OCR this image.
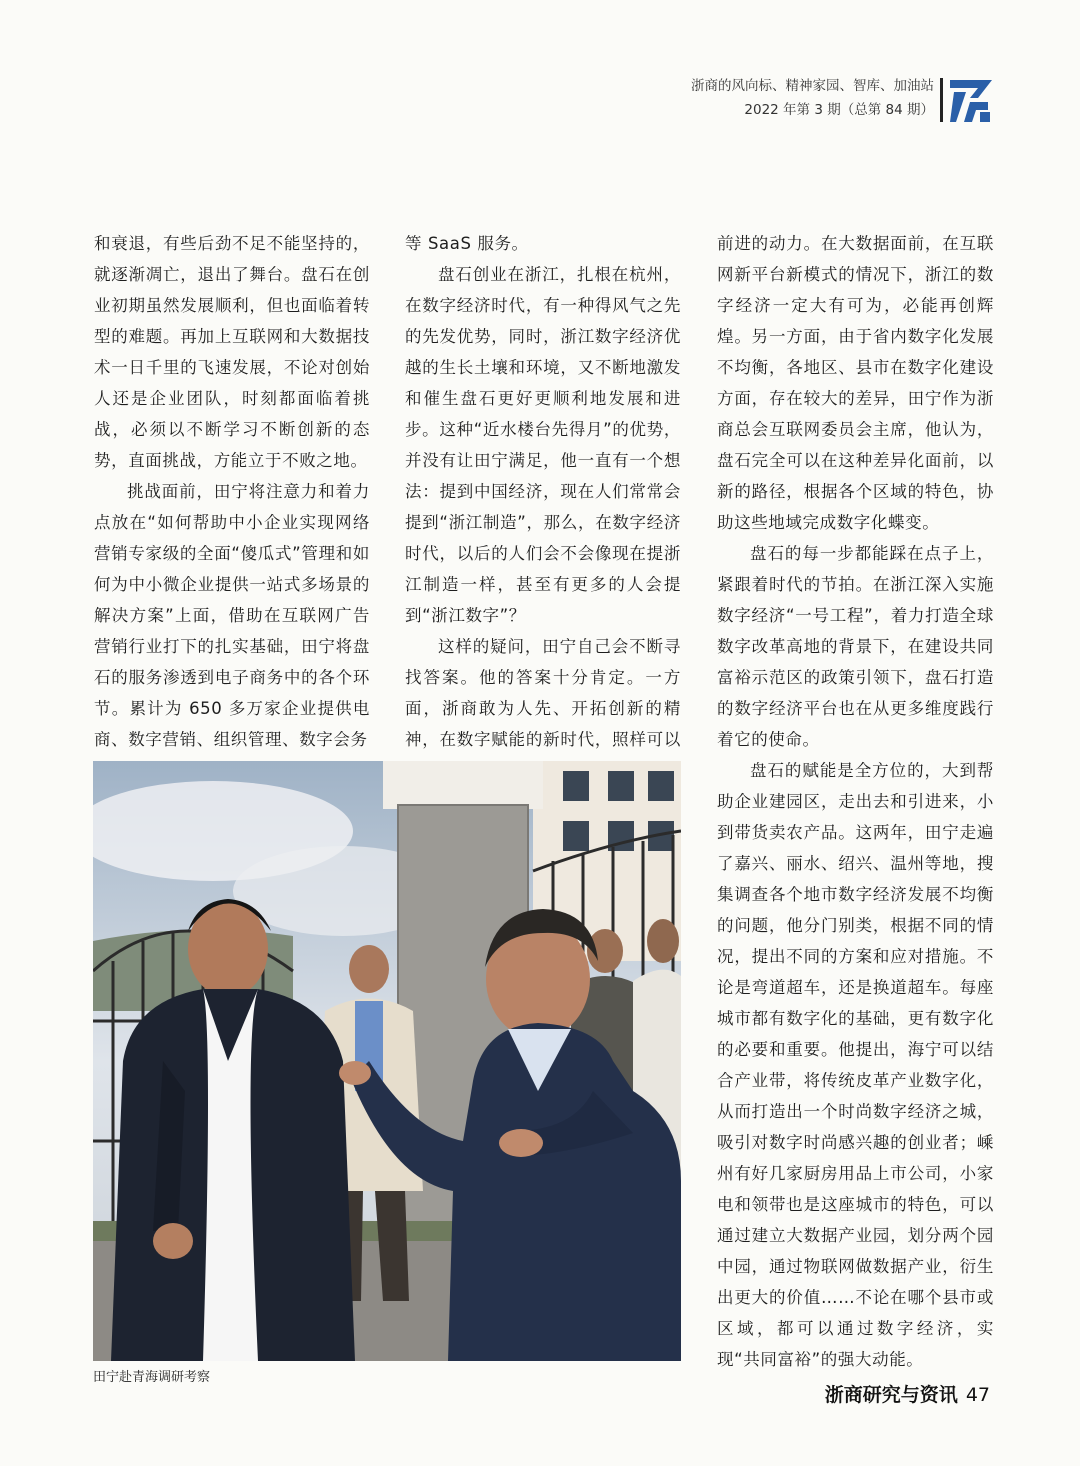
浙商的风向标、精神家园、智库、加油站
2022 年第 3 期（总第 84 期）

和衰退，有些后劲不足不能坚持的，就逐渐凋亡，退出了舞台。盘石在创业初期虽然发展顺利，但也面临着转型的难题。再加上互联网和大数据技术一日千里的飞速发展，不论对创始人还是企业团队，时刻都面临着挑战，必须以不断学习不断创新的态势，直面挑战，方能立于不败之地。

挑战面前，田宁将注意力和着力点放在“如何帮助中小企业实现网络营销专家级的全面“傻瓜式”管理和如何为中小微企业提供一站式多场景的解决方案”上面，借助在互联网广告营销行业打下的扎实基础，田宁将盘石的服务渗透到电子商务中的各个环节。累计为 650 多万家企业提供电商、数字营销、组织管理、数字会务

等 SaaS 服务。

盘石创业在浙江，扎根在杭州，在数字经济时代，有一种得风气之先的先发优势，同时，浙江数字经济优越的生长土壤和环境，又不断地激发和催生盘石更好更顺利地发展和进步。这种“近水楼台先得月”的优势，并没有让田宁满足，他一直有一个想法：提到中国经济，现在人们常常会提到“浙江制造”，那么，在数字经济时代，以后的人们会不会像现在提浙江制造一样，甚至有更多的人会提到“浙江数字”？

这样的疑问，田宁自己会不断寻找答案。他的答案十分肯定。一方面，浙商敢为人先、开拓创新的精神，在数字赋能的新时代，照样可以

前进的动力。在大数据面前，在互联网新平台新模式的情况下，浙江的数字经济一定大有可为，必能再创辉煌。另一方面，由于省内数字化发展不均衡，各地区、县市在数字化建设方面，存在较大的差异，田宁作为浙商总会互联网委员会主席，他认为，盘石完全可以在这种差异化面前，以新的路径，根据各个区域的特色，协助这些地域完成数字化蝶变。

盘石的每一步都能踩在点子上，紧跟着时代的节拍。在浙江深入实施数字经济“一号工程”，着力打造全球数字改革高地的背景下，在建设共同富裕示范区的政策引领下，盘石打造的数字经济平台也在从更多维度践行着它的使命。

盘石的赋能是全方位的，大到帮助企业建园区，走出去和引进来，小到带货卖农产品。这两年，田宁走遍了嘉兴、丽水、绍兴、温州等地，搜集调查各个地市数字经济发展不均衡的问题，他分门别类，根据不同的情况，提出不同的方案和应对措施。不论是弯道超车，还是换道超车。每座城市都有数字化的基础，更有数字化的必要和重要。他提出，海宁可以结合产业带，将传统皮革产业数字化，从而打造出一个时尚数字经济之城，吸引对数字时尚感兴趣的创业者；嵊州有好几家厨房用品上市公司，小家电和领带也是这座城市的特色，可以通过建立大数据产业园，划分两个园中园，通过物联网做数据产业，衍生出更大的价值……不论在哪个县市或区域，都可以通过数字经济，实现“共同富裕”的强大动能。

田宁赴青海调研考察
浙商研究与资讯 47
